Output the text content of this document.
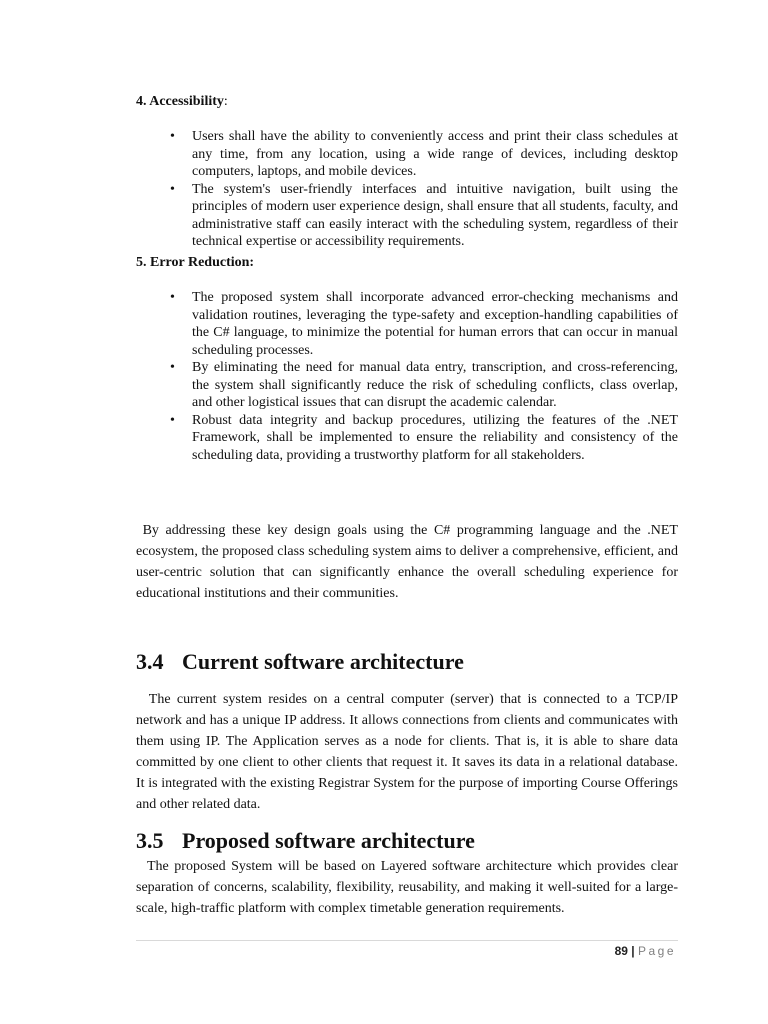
4. Accessibility:
• Users shall have the ability to conveniently access and print their class schedules at any time, from any location, using a wide range of devices, including desktop computers, laptops, and mobile devices.
• The system's user-friendly interfaces and intuitive navigation, built using the principles of modern user experience design, shall ensure that all students, faculty, and administrative staff can easily interact with the scheduling system, regardless of their technical expertise or accessibility requirements.
5. Error Reduction:
• The proposed system shall incorporate advanced error-checking mechanisms and validation routines, leveraging the type-safety and exception-handling capabilities of the C# language, to minimize the potential for human errors that can occur in manual scheduling processes.
• By eliminating the need for manual data entry, transcription, and cross-referencing, the system shall significantly reduce the risk of scheduling conflicts, class overlap, and other logistical issues that can disrupt the academic calendar.
• Robust data integrity and backup procedures, utilizing the features of the .NET Framework, shall be implemented to ensure the reliability and consistency of the scheduling data, providing a trustworthy platform for all stakeholders.

By addressing these key design goals using the C# programming language and the .NET ecosystem, the proposed class scheduling system aims to deliver a comprehensive, efficient, and user-centric solution that can significantly enhance the overall scheduling experience for educational institutions and their communities.

3.4 Current software architecture

The current system resides on a central computer (server) that is connected to a TCP/IP network and has a unique IP address. It allows connections from clients and communicates with them using IP. The Application serves as a node for clients. That is, it is able to share data committed by one client to other clients that request it. It saves its data in a relational database. It is integrated with the existing Registrar System for the purpose of importing Course Offerings and other related data.

3.5 Proposed software architecture

The proposed System will be based on Layered software architecture which provides clear separation of concerns, scalability, flexibility, reusability, and making it well-suited for a large-scale, high-traffic platform with complex timetable generation requirements.

89 | Page
